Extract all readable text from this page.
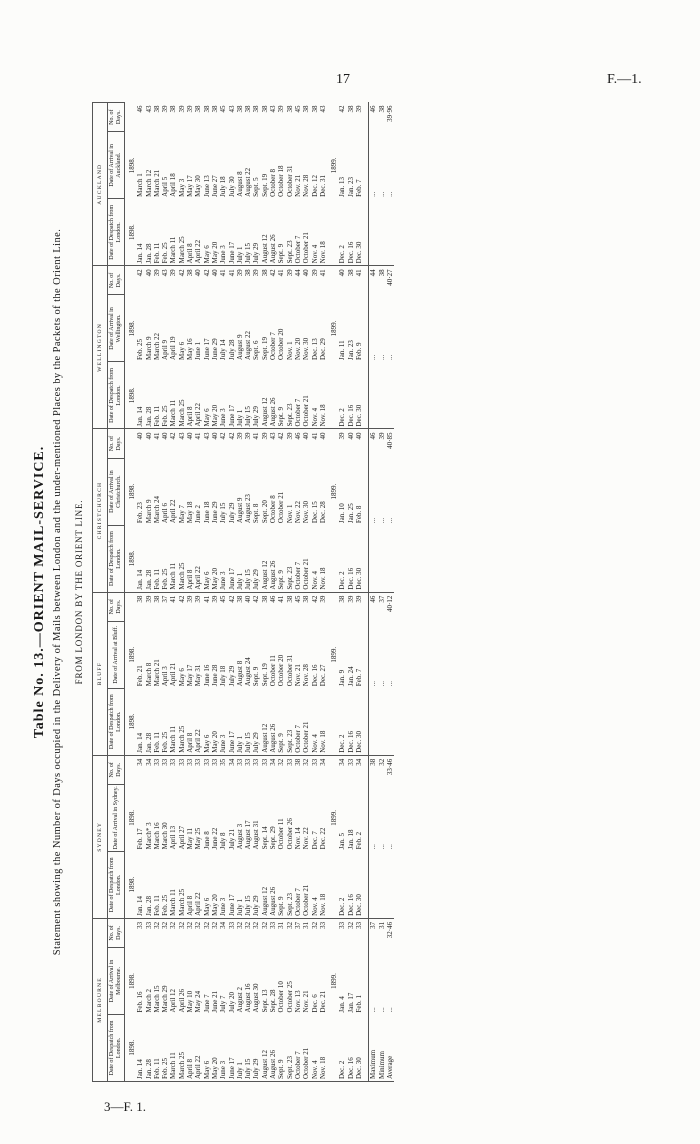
17	F.—1.
3—F. 1.
Table No. 13.—ORIENT MAIL-SERVICE. Statement showing the Number of Days occupied in the Delivery of Mails between London and the under-mentioned Places by the Packets of the Orient Line. FROM LONDON BY THE ORIENT LINE.
MELBOURNE			SYDNEY			BLUFF			CHRISTCHURCH			WELLINGTON			AUCKLAND		
Date of Despatch from London.	Date of Arrival in Melbourne.	No. of Days.	Date of Despatch from London.	Date of Arrival in Sydney.	No. of Days.	Date of Despatch from London.	Date of Arrival at Bluff.	No. of Days.	Date of Despatch from London.	Date of Arrival in Christchurch.	No. of Days.	Date of Despatch from London.	Date of Arrival in Wellington.	No. of Days.	Date of Despatch from London.	Date of Arrival in Auckland.	No. of Days.
1898.	1898.		1898.	1898.		1898.	1898.		1898.	1898.		1898.	1898.		1898.	1898.	
Jan. 14	Feb. 16	33	Jan. 14	Feb. 17	34	Jan. 14	Feb. 21	38	Jan. 14	Feb. 23	40	Jan. 14	Feb. 25	42	Jan. 14	March 1	46
Jan. 28	March 2	33	Jan. 28	March* 3	34	Jan. 28	March 8	39	Jan. 28	March 9	40	Jan. 28	March 9	40	Jan. 28	March 12	43
Feb. 11	March 15	32	Feb. 11	March 16	33	Feb. 11	March 21	38	Feb. 11	March 24	41	Feb. 11	March 22	39	Feb. 11	March 21	38
Feb. 25	March 29	32	Feb. 25	March 30	33	Feb. 25	April 3	37	Feb. 25	April 6	40	Feb. 25	April 9	43	Feb. 25	April 5	39
March 11	April 12	32	March 11	April 13	33	March 11	April 21	41	March 11	April 22	42	March 11	April 19	39	March 11	April 18	38
March 25	April 26	32	March 25	April 27	33	March 25	May 6	42	March 25	May 7	43	March 25	May 6	42	March 25	May 3	39
April 8	May 10	32	April 8	May 11	33	April 8	May 17	39	April 8	May 18	40	April 8	May 16	38	April 8	May 17	39
April 22	May 24	32	April 22	May 25	33	April 22	May 31	39	April 22	June 2	41	April 22	June 1	40	April 22	May 30	38
May 6	June 7	32	May 6	June 8	33	May 6	June 16	41	May 6	June 18	43	May 6	June 17	42	May 6	June 13	38
May 20	June 21	32	May 20	June 22	33	May 20	June 28	39	May 20	June 29	40	May 20	June 29	40	May 20	June 27	38
June 3	July 7	34	June 3	July 8	35	June 3	July 18	45	June 3	July 15	42	June 3	July 14	41	June 3	July 18	45
June 17	July 20	33	June 17	July 21	34	June 17	July 29	42	June 17	July 29	42	June 17	July 28	41	June 17	July 30	43
July 1	August 2	32	July 1	August 3	33	July 1	August 8	38	July 1	August 9	39	July 1	August 9	39	July 1	August 8	38
July 15	August 16	32	July 15	August 17	33	July 15	August 24	40	July 15	August 23	39	July 15	August 22	38	July 15	August 22	38
July 29	August 30	32	July 29	August 31	33	July 29	Sept. 9	42	July 29	Sept. 8	41	July 29	Sept. 6	39	July 29	Sept. 5	38
August 12	Sept. 13	32	August 12	Sept. 14	33	August 12	Sept. 19	38	August 12	Sept. 20	39	August 12	Sept. 19	38	August 12	Sept. 19	38
August 26	Sept. 28	33	August 26	Sept. 29	34	August 26	October 11	46	August 26	October 8	43	August 26	October 7	42	August 26	October 8	43
Sept. 9	October 10	31	Sept. 9	October 11	32	Sept. 9	October 20	41	Sept. 9	October 21	42	Sept. 9	October 20	41	Sept. 9	October 18	39
Sept. 23	October 25	32	Sept. 23	October 26	33	Sept. 23	October 31	38	Sept. 23	Nov. 1	39	Sept. 23	Nov. 1	39	Sept. 23	October 31	38
October 7	Nov. 13	37	October 7	Nov. 14	38	October 7	Nov. 21	45	October 7	Nov. 22	46	October 7	Nov. 20	44	October 7	Nov. 21	45
October 21	Nov. 21	31	October 21	Nov. 22	32	October 21	Nov. 28	38	October 21	Nov. 30	40	October 21	Nov. 30	40	October 21	Nov. 28	38
Nov. 4	Dec. 6	32	Nov. 4	Dec. 7	33	Nov. 4	Dec. 16	42	Nov. 4	Dec. 15	41	Nov. 4	Dec. 13	39	Nov. 4	Dec. 12	38
Nov. 18	Dec. 21	33	Nov. 18	Dec. 22	34	Nov. 18	Dec. 27	39	Nov. 18	Dec. 28	40	Nov. 18	Dec. 29	41	Nov. 18	Dec. 31	43
	1899.			1899.			1899.			1899.			1899.			1899.	
Dec. 2	Jan. 4	33	Dec. 2	Jan. 5	34	Dec. 2	Jan. 9	38	Dec. 2	Jan. 10	39	Dec. 2	Jan. 11	40	Dec. 2	Jan. 13	42
Dec. 16	Jan. 17	32	Dec. 16	Jan. 18	33	Dec. 16	Jan. 24	39	Dec. 16	Jan. 25	40	Dec. 16	Jan. 23	38	Dec. 16	Jan. 23	38
Dec. 30	Feb. 1	33	Dec. 30	Feb. 2	34	Dec. 30	Feb. 7	39	Dec. 30	Feb. 8	40	Dec. 30	Feb. 9	41	Dec. 30	Feb. 7	39

Maximum	...	37		...	38		...	46		...	46		...	44		...	46
Minimum	...	31		...	32		...	37		...	39		...	38		...	38
Average	...	32·46		...	33·46		...	40·12		...	40·85		...	40·27		...	39·96
